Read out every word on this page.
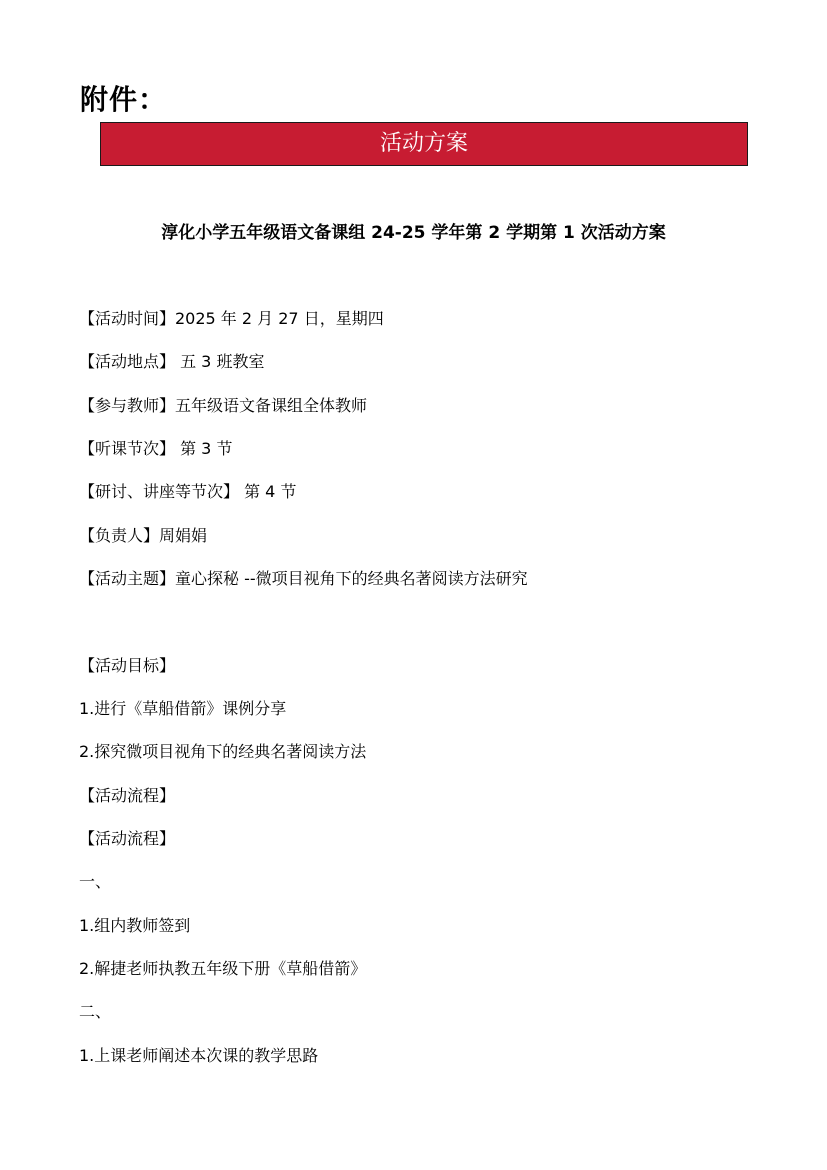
附件：
活动方案
淳化小学五年级语文备课组 24-25 学年第 2 学期第 1 次活动方案
【活动时间】2025 年 2 月 27 日，星期四
【活动地点】 五 3 班教室
【参与教师】五年级语文备课组全体教师
【听课节次】 第 3 节
【研讨、讲座等节次】 第 4 节
【负责人】周娟娟
【活动主题】童心探秘 --微项目视角下的经典名著阅读方法研究
【活动目标】
1.进行《草船借箭》课例分享
2.探究微项目视角下的经典名著阅读方法
【活动流程】
【活动流程】
一、
1.组内教师签到
2.解捷老师执教五年级下册《草船借箭》
二、
1.上课老师阐述本次课的教学思路
